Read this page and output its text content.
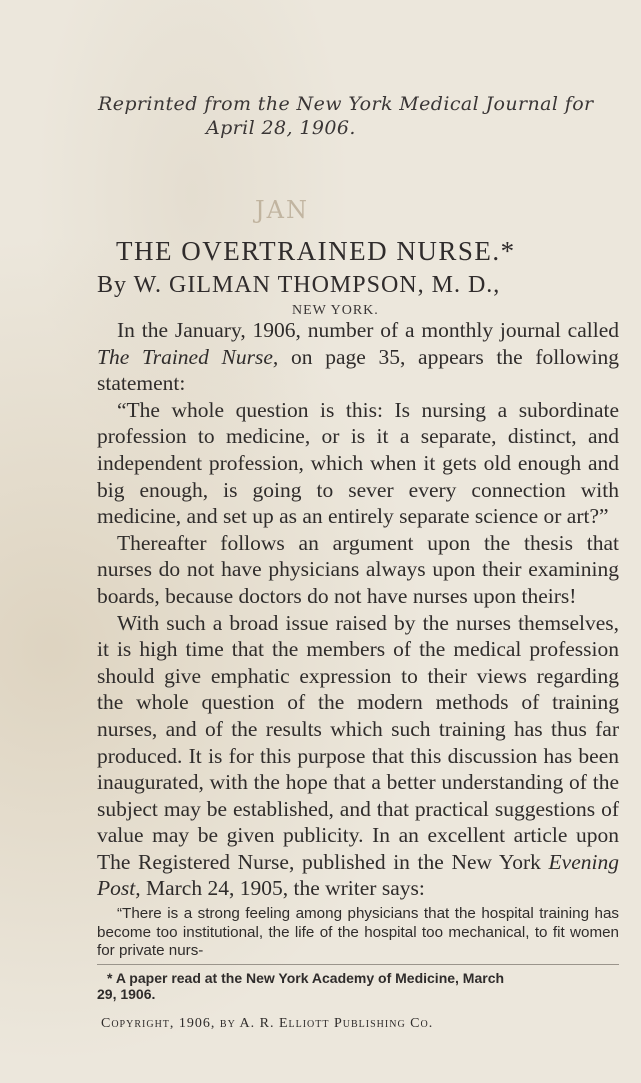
Reprinted from the New York Medical Journal for
April 28, 1906.
JAN
THE OVERTRAINED NURSE.*
By W. GILMAN THOMPSON, M. D.,
NEW YORK.

In the January, 1906, number of a monthly journal called The Trained Nurse, on page 35, appears the following statement:

“The whole question is this: Is nursing a subordinate profession to medicine, or is it a separate, distinct, and independent profession, which when it gets old enough and big enough, is going to sever every connection with medicine, and set up as an entirely separate science or art?”

Thereafter follows an argument upon the thesis that nurses do not have physicians always upon their examining boards, because doctors do not have nurses upon theirs!

With such a broad issue raised by the nurses themselves, it is high time that the members of the medical profession should give emphatic expression to their views regarding the whole question of the modern methods of training nurses, and of the results which such training has thus far produced. It is for this purpose that this discussion has been inaugurated, with the hope that a better understanding of the subject may be established, and that practical suggestions of value may be given publicity. In an excellent article upon The Registered Nurse, published in the New York Evening Post, March 24, 1905, the writer says:

“There is a strong feeling among physicians that the hospital training has become too institutional, the life of the hospital too mechanical, to fit women for private nurs-

* A paper read at the New York Academy of Medicine, March
29, 1906.
Copyright, 1906, by A. R. Elliott Publishing Co.
